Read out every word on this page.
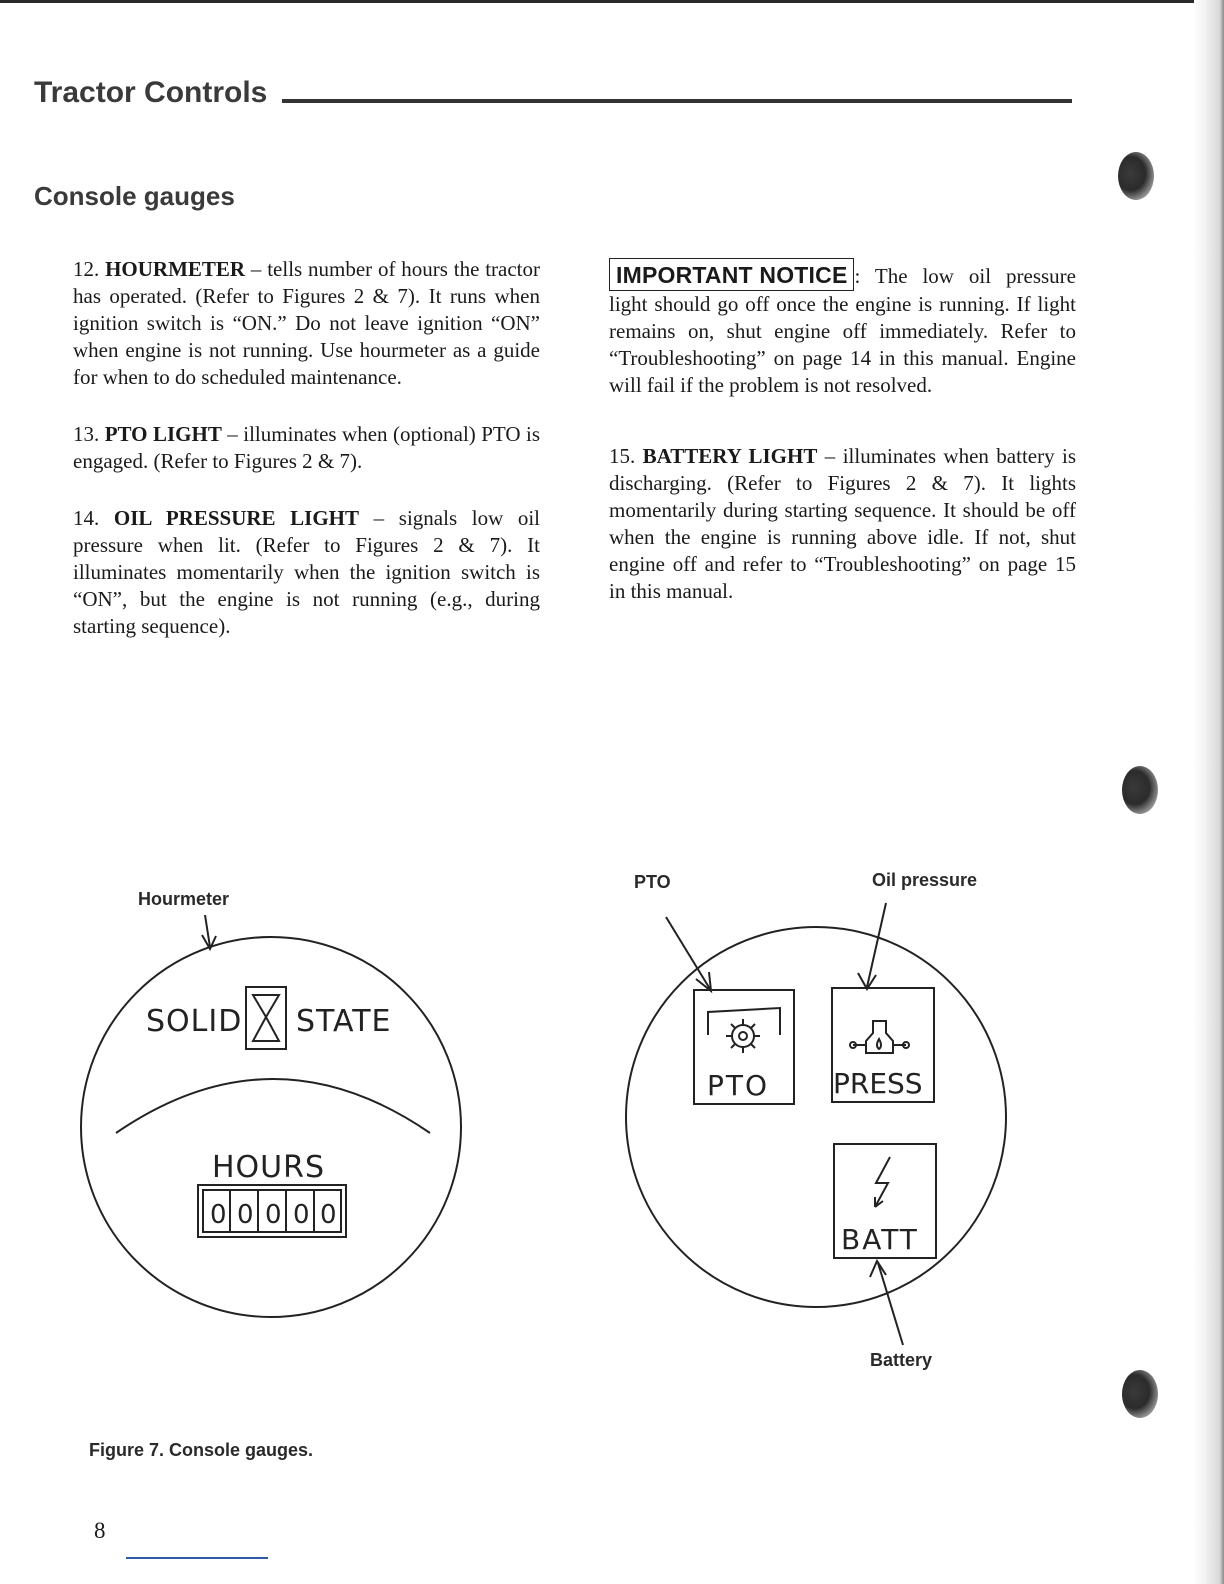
Tractor Controls
Console gauges

12. HOURMETER – tells number of hours the tractor has operated. (Refer to Figures 2 & 7). It runs when ignition switch is “ON.” Do not leave ignition “ON” when engine is not running. Use hourmeter as a guide for when to do scheduled maintenance.

13. PTO LIGHT – illuminates when (optional) PTO is engaged. (Refer to Figures 2 & 7).

14. OIL PRESSURE LIGHT – signals low oil pressure when lit. (Refer to Figures 2 & 7). It illuminates momentarily when the ignition switch is “ON”, but the engine is not running (e.g., during starting sequence).

IMPORTANT NOTICE : The low oil pressure light should go off once the engine is running. If light remains on, shut engine off immediately. Refer to “Troubleshooting” on page 14 in this manual. Engine will fail if the problem is not resolved.

15. BATTERY LIGHT – illuminates when battery is discharging. (Refer to Figures 2 & 7). It lights momentarily during starting sequence. It should be off when the engine is running above idle. If not, shut engine off and refer to “Troubleshooting” on page 15 in this manual.

Hourmeter
SOLID STATE
HOURS
0 0 0 0 0
PTO	Oil pressure
Battery
PTO PRESS
BATT

Figure 7. Console gauges.

8
